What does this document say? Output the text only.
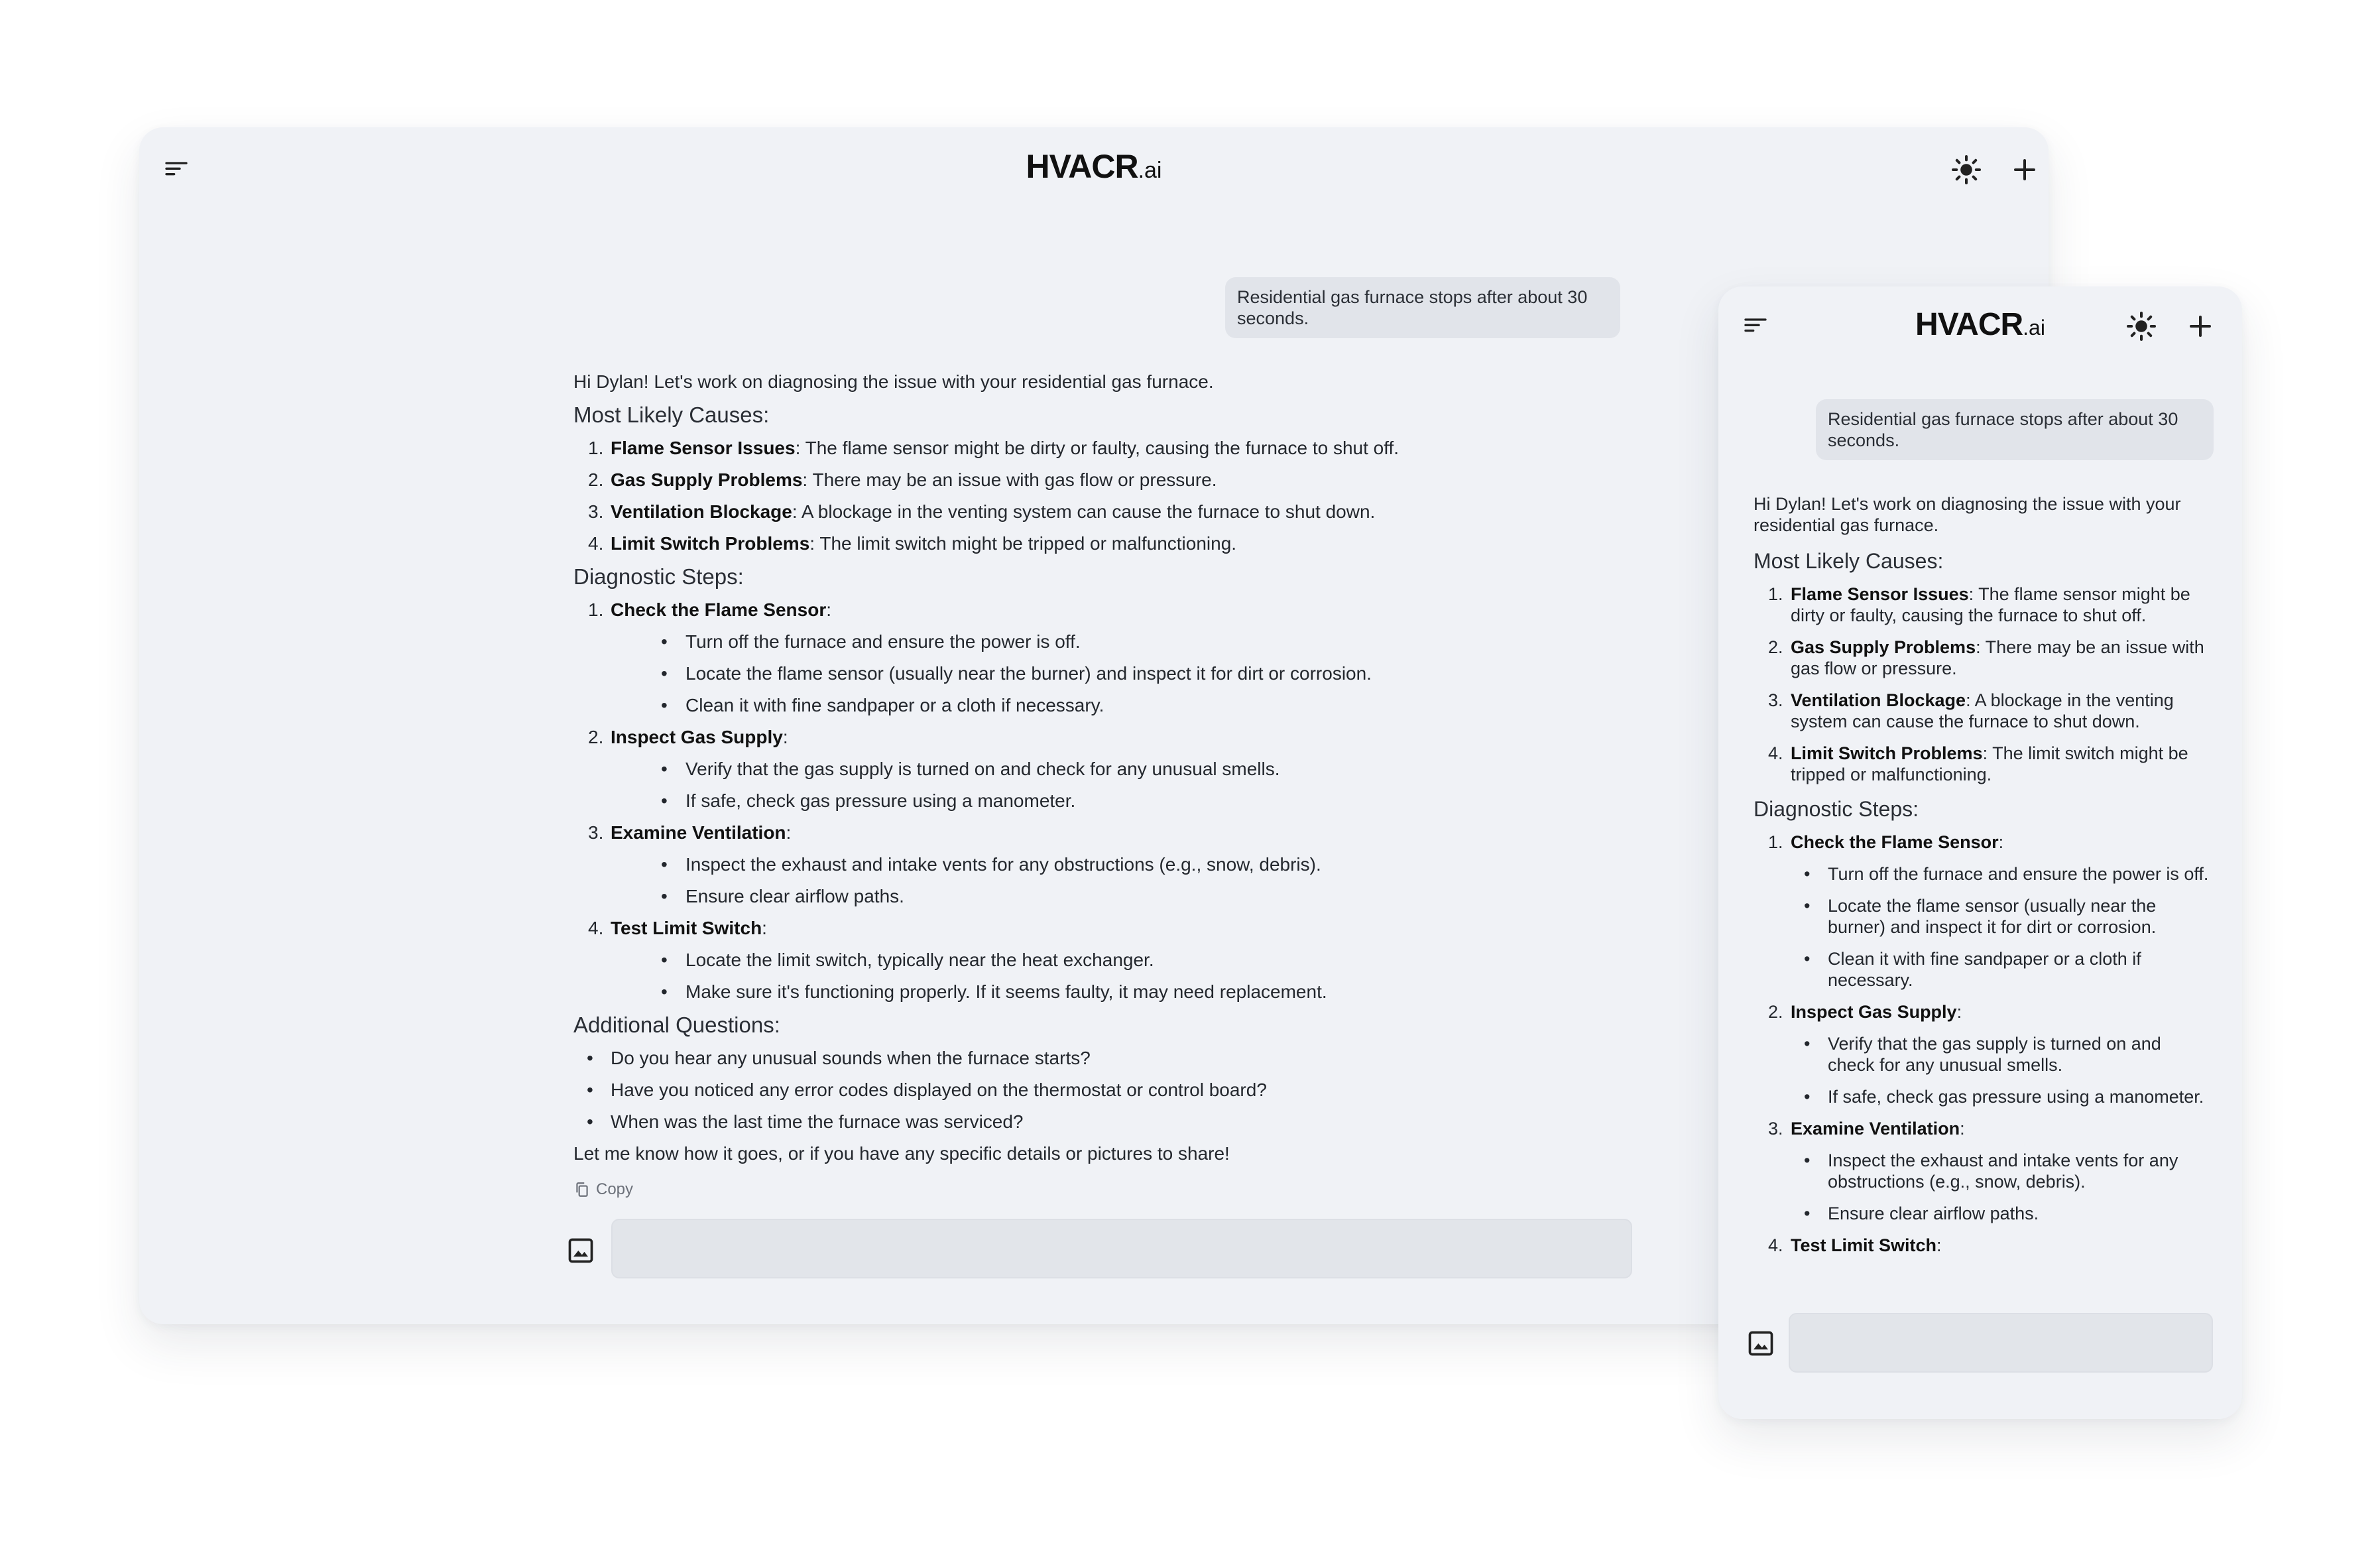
HVACR.ai
Residential gas furnace stops after about 30 seconds.

Hi Dylan! Let's work on diagnosing the issue with your residential gas furnace.

Most Likely Causes:
1. Flame Sensor Issues: The flame sensor might be dirty or faulty, causing the furnace to shut off.
2. Gas Supply Problems: There may be an issue with gas flow or pressure.
3. Ventilation Blockage: A blockage in the venting system can cause the furnace to shut down.
4. Limit Switch Problems: The limit switch might be tripped or malfunctioning.
Diagnostic Steps:
1. Check the Flame Sensor:
• Turn off the furnace and ensure the power is off.
• Locate the flame sensor (usually near the burner) and inspect it for dirt or corrosion.
• Clean it with fine sandpaper or a cloth if necessary.
2. Inspect Gas Supply:
• Verify that the gas supply is turned on and check for any unusual smells.
• If safe, check gas pressure using a manometer.
3. Examine Ventilation:
• Inspect the exhaust and intake vents for any obstructions (e.g., snow, debris).
• Ensure clear airflow paths.
4. Test Limit Switch:
• Locate the limit switch, typically near the heat exchanger.
• Make sure it's functioning properly. If it seems faulty, it may need replacement.
Additional Questions:
• Do you hear any unusual sounds when the furnace starts?
• Have you noticed any error codes displayed on the thermostat or control board?
• When was the last time the furnace was serviced?

Let me know how it goes, or if you have any specific details or pictures to share!

Copy
HVACR.ai
Residential gas furnace stops after about 30 seconds.

Hi Dylan! Let's work on diagnosing the issue with your residential gas furnace.

Most Likely Causes:
1. Flame Sensor Issues: The flame sensor might be dirty or faulty, causing the furnace to shut off.
2. Gas Supply Problems: There may be an issue with gas flow or pressure.
3. Ventilation Blockage: A blockage in the venting system can cause the furnace to shut down.
4. Limit Switch Problems: The limit switch might be tripped or malfunctioning.
Diagnostic Steps:
1. Check the Flame Sensor:
• Turn off the furnace and ensure the power is off.
• Locate the flame sensor (usually near the burner) and inspect it for dirt or corrosion.
• Clean it with fine sandpaper or a cloth if necessary.
2. Inspect Gas Supply:
• Verify that the gas supply is turned on and check for any unusual smells.
• If safe, check gas pressure using a manometer.
3. Examine Ventilation:
• Inspect the exhaust and intake vents for any obstructions (e.g., snow, debris).
• Ensure clear airflow paths.
4. Test Limit Switch:
